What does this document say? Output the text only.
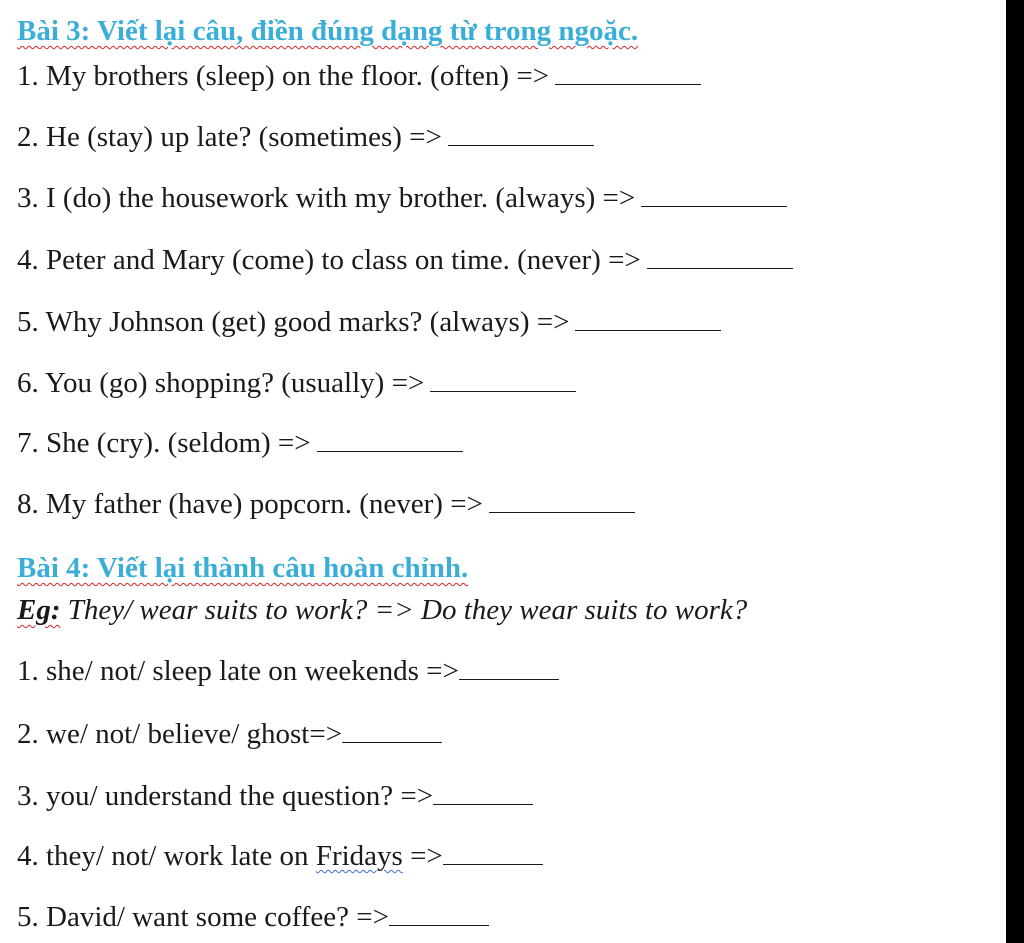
Bài 3: Viết lại câu, điền đúng dạng từ trong ngoặc.
1. My brothers (sleep) on the floor. (often) =>
2. He (stay) up late? (sometimes) =>
3. I (do) the housework with my brother. (always) =>
4. Peter and Mary (come) to class on time. (never) =>
5. Why Johnson (get) good marks? (always) =>
6. You (go) shopping? (usually) =>
7. She (cry). (seldom) =>
8. My father (have) popcorn. (never) =>
Bài 4: Viết lại thành câu hoàn chỉnh.
Eg: They/ wear suits to work? => Do they wear suits to work?
1. she/ not/ sleep late on weekends =>
2. we/ not/ believe/ ghost=>
3. you/ understand the question? =>
4. they/ not/ work late on Fridays =>
5. David/ want some coffee? =>
